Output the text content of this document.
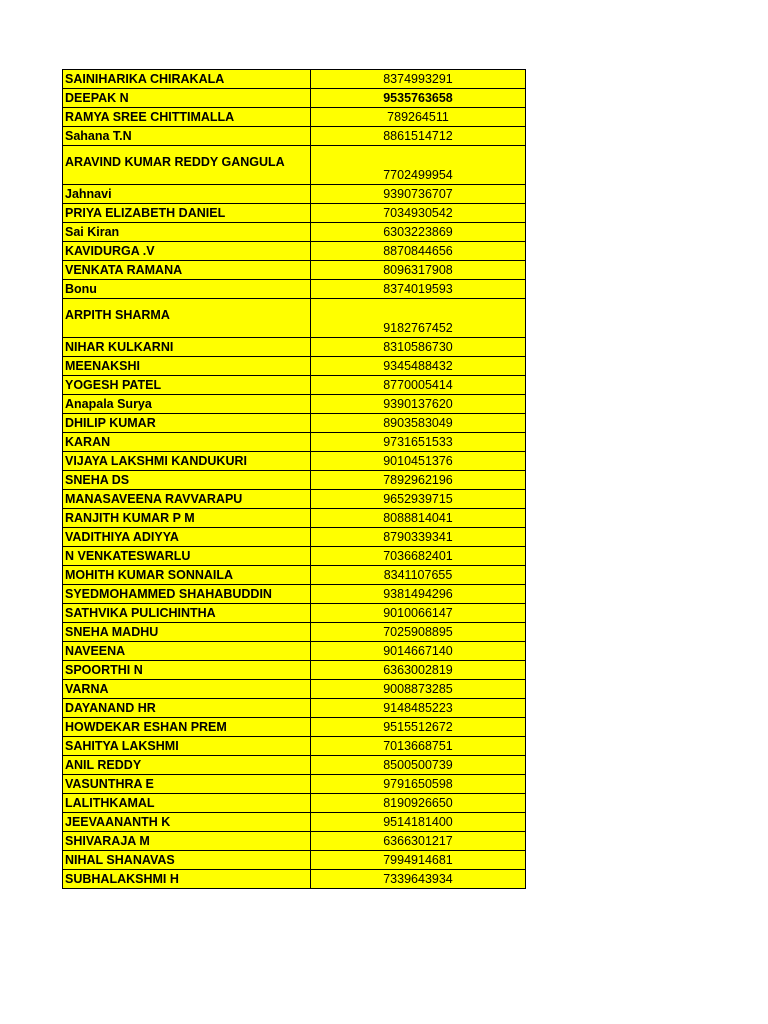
SAINIHARIKA CHIRAKALA	8374993291
DEEPAK N	9535763658
RAMYA SREE CHITTIMALLA	789264511
Sahana T.N	8861514712
ARAVIND KUMAR REDDY GANGULA	7702499954
Jahnavi	9390736707
PRIYA ELIZABETH DANIEL	7034930542
Sai Kiran	6303223869
KAVIDURGA .V	8870844656
VENKATA RAMANA	8096317908
Bonu	8374019593
ARPITH SHARMA	9182767452
NIHAR KULKARNI	8310586730
MEENAKSHI	9345488432
YOGESH PATEL	8770005414
Anapala Surya	9390137620
DHILIP KUMAR	8903583049
KARAN	9731651533
VIJAYA LAKSHMI KANDUKURI	9010451376
SNEHA DS	7892962196
MANASAVEENA RAVVARAPU	9652939715
RANJITH KUMAR P M	8088814041
VADITHIYA ADIYYA	8790339341
N VENKATESWARLU	7036682401
MOHITH KUMAR SONNAILA	8341107655
SYEDMOHAMMED SHAHABUDDIN	9381494296
SATHVIKA PULICHINTHA	9010066147
SNEHA MADHU	7025908895
NAVEENA	9014667140
SPOORTHI N	6363002819
VARNA	9008873285
DAYANAND HR	9148485223
HOWDEKAR ESHAN PREM	9515512672
SAHITYA LAKSHMI	7013668751
ANIL REDDY	8500500739
VASUNTHRA E	9791650598
LALITHKAMAL	8190926650
JEEVAANANTH K	9514181400
SHIVARAJA M	6366301217
NIHAL SHANAVAS	7994914681
SUBHALAKSHMI H	7339643934
